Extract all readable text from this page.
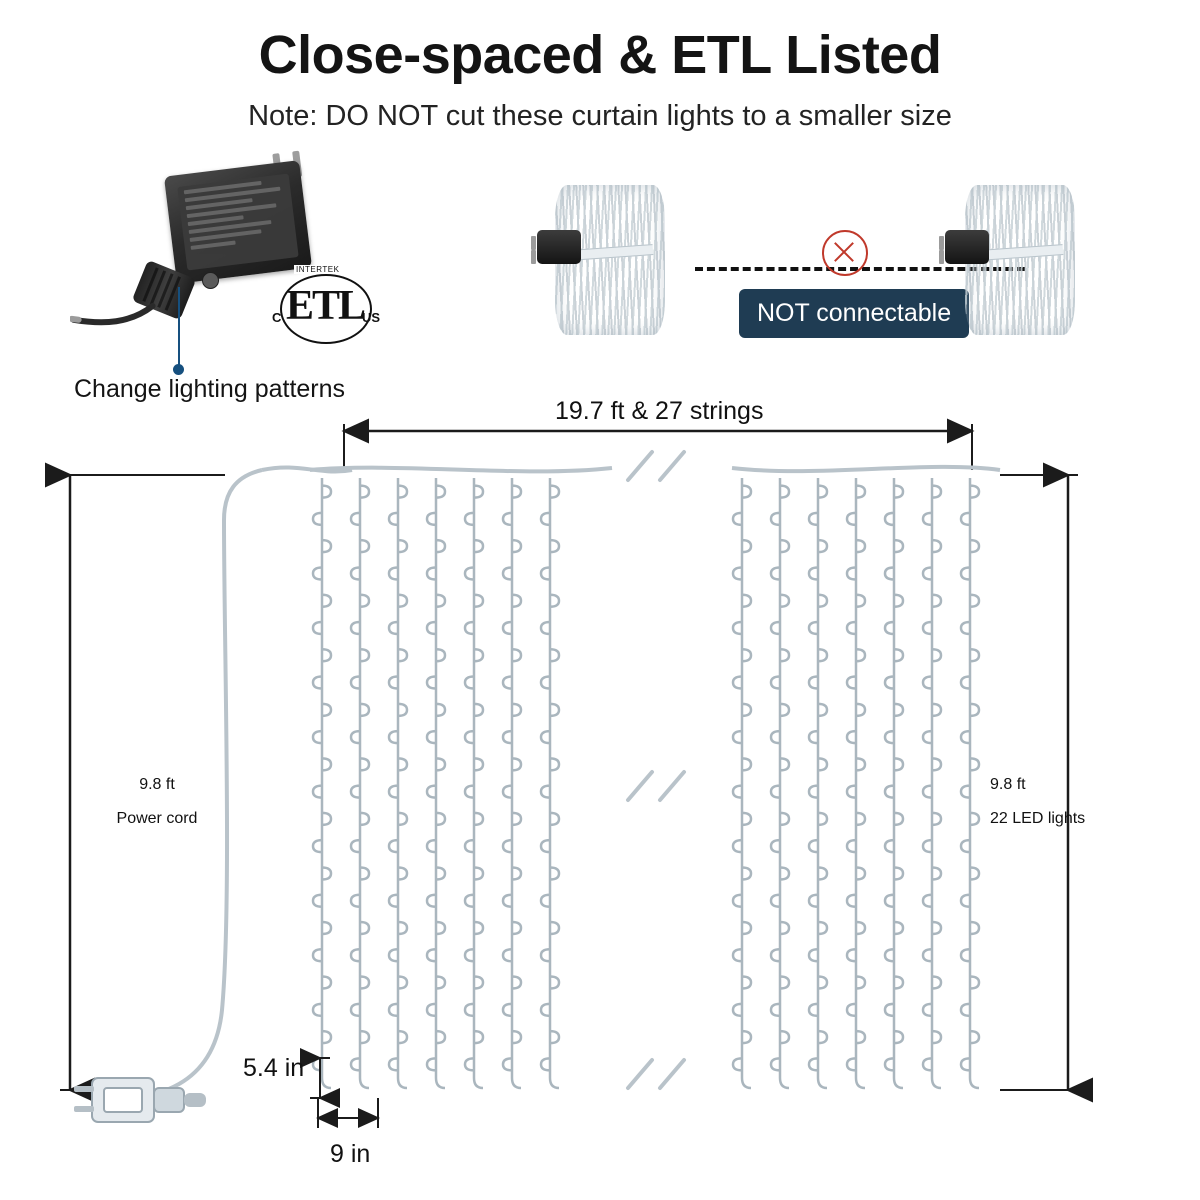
Close-spaced & ETL Listed
Note: DO NOT cut these curtain lights to a smaller size
Change lighting patterns
INTERTEK
ETL
C	US	NOT connectable
19.7 ft & 27 strings
9.8 ft
Power cord
9.8 ft
22 LED lights
5.4 in
9 in
